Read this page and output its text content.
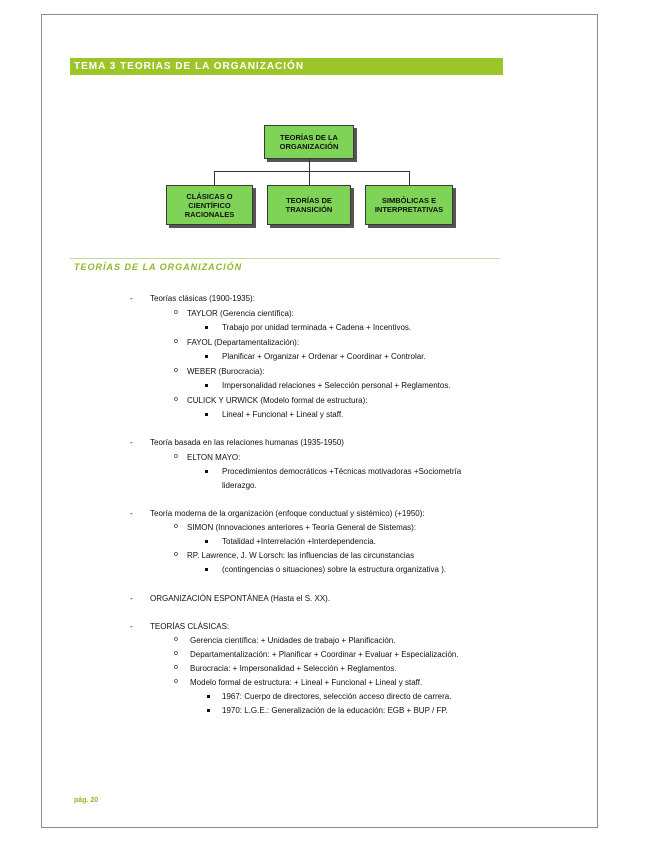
TEMA 3 TEORIAS DE LA ORGANIZACIÓN
TEORÍAS DE LA ORGANIZACIÓN
CLÁSICAS O CIENTÍFICO RACIONALES
TEORÍAS DE TRANSICIÓN
SIMBÓLICAS E INTERPRETATIVAS
TEORÍAS DE LA ORGANIZACIÓN
- Teorías clásicas (1900-1935):
o TAYLOR (Gerencia científica):
Trabajo por unidad terminada + Cadena + Incentivos.
o FAYOL (Departamentalización):
Planificar + Organizar + Ordenar + Coordinar + Controlar.
o WEBER (Burocracia):
Impersonalidad relaciones + Selección personal + Reglamentos.
o CULICK Y URWICK (Modelo formal de estructura):
Lineal + Funcional + Lineal y staff.
- Teoría basada en las relaciones humanas (1935-1950)
o ELTON MAYO:
Procedimientos democráticos +Técnicas motivadoras +Sociometría
liderazgo.
- Teoría moderna de la organización (enfoque conductual y sistémico) (+1950):
o SIMON (Innovaciones anteriores + Teoría General de Sistemas):
Totalidad +Interrelación +Interdependencia.
o RP. Lawrence, J. W Lorsch: las influencias de las circunstancias
(contingencias o situaciones) sobre la estructura organizativa ).
- ORGANIZACIÓN ESPONTÁNEA (Hasta el S. XX).
- TEORÍAS CLÁSICAS:
o Gerencia científica: + Unidades de trabajo + Planificación.
o Departamentalización: + Planificar + Coordinar + Evaluar + Especialización.
o Burocracia: + Impersonalidad + Selección + Reglamentos.
o Modelo formal de estructura: + Lineal + Funcional + Lineal y staff.
1967: Cuerpo de directores, selección acceso directo de carrera.
1970: L.G.E.: Generalización de la educación: EGB + BUP / FP.
pág. 20
